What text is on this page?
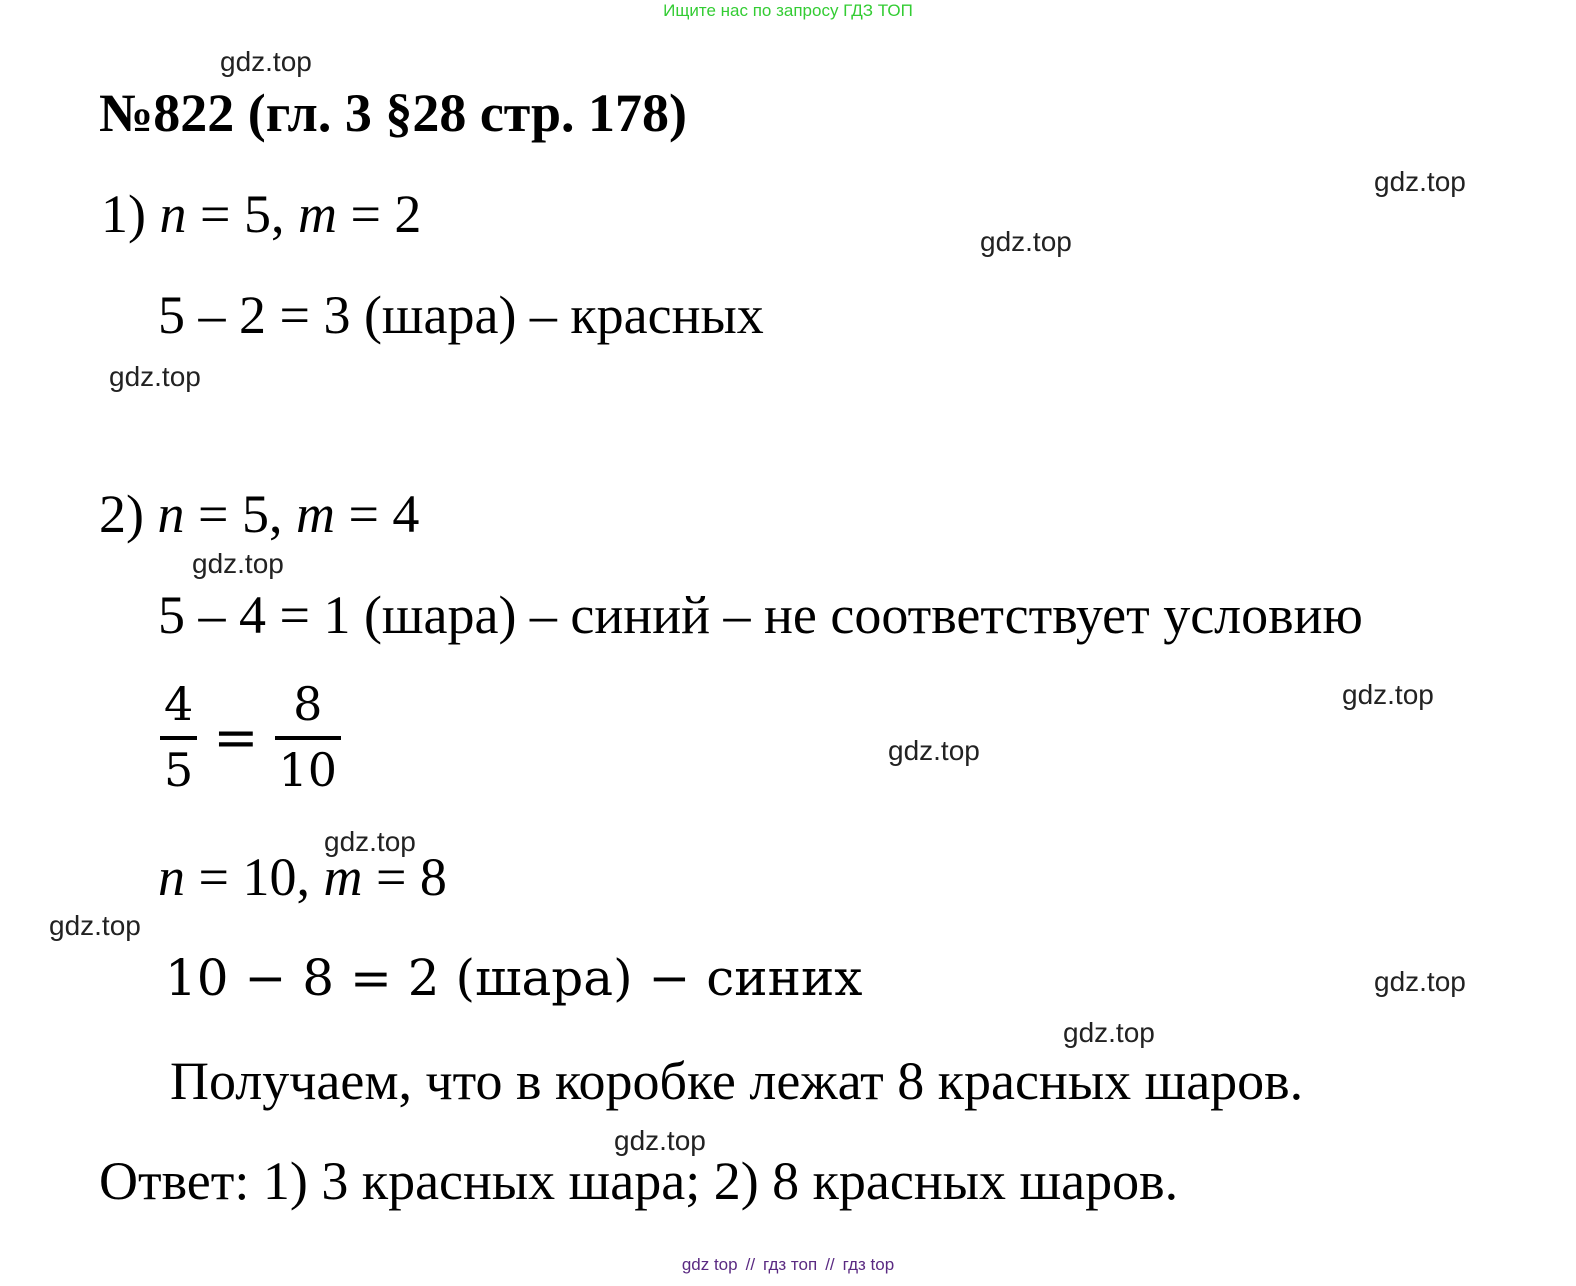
Ищите нас по запросу ГДЗ ТОП
gdz.top
gdz.top
gdz.top
gdz.top
gdz.top
gdz.top
gdz.top
gdz.top
gdz.top
gdz.top
gdz.top
gdz.top
№822 (гл. 3 §28 стр. 178)
1) n = 5, m = 2
5 – 2 = 3 (шара) – красных
2) n = 5, m = 4
5 – 4 = 1 (шара) – синий – не соответствует условию
$\frac{4}{5} = \frac{8}{10}$
n = 10, m = 8
10 − 8 = 2 (шара) − синих
Получаем, что в коробке лежат 8 красных шаров.
Ответ: 1) 3 красных шара; 2) 8 красных шаров.
gdz top // гдз топ // гдз top
